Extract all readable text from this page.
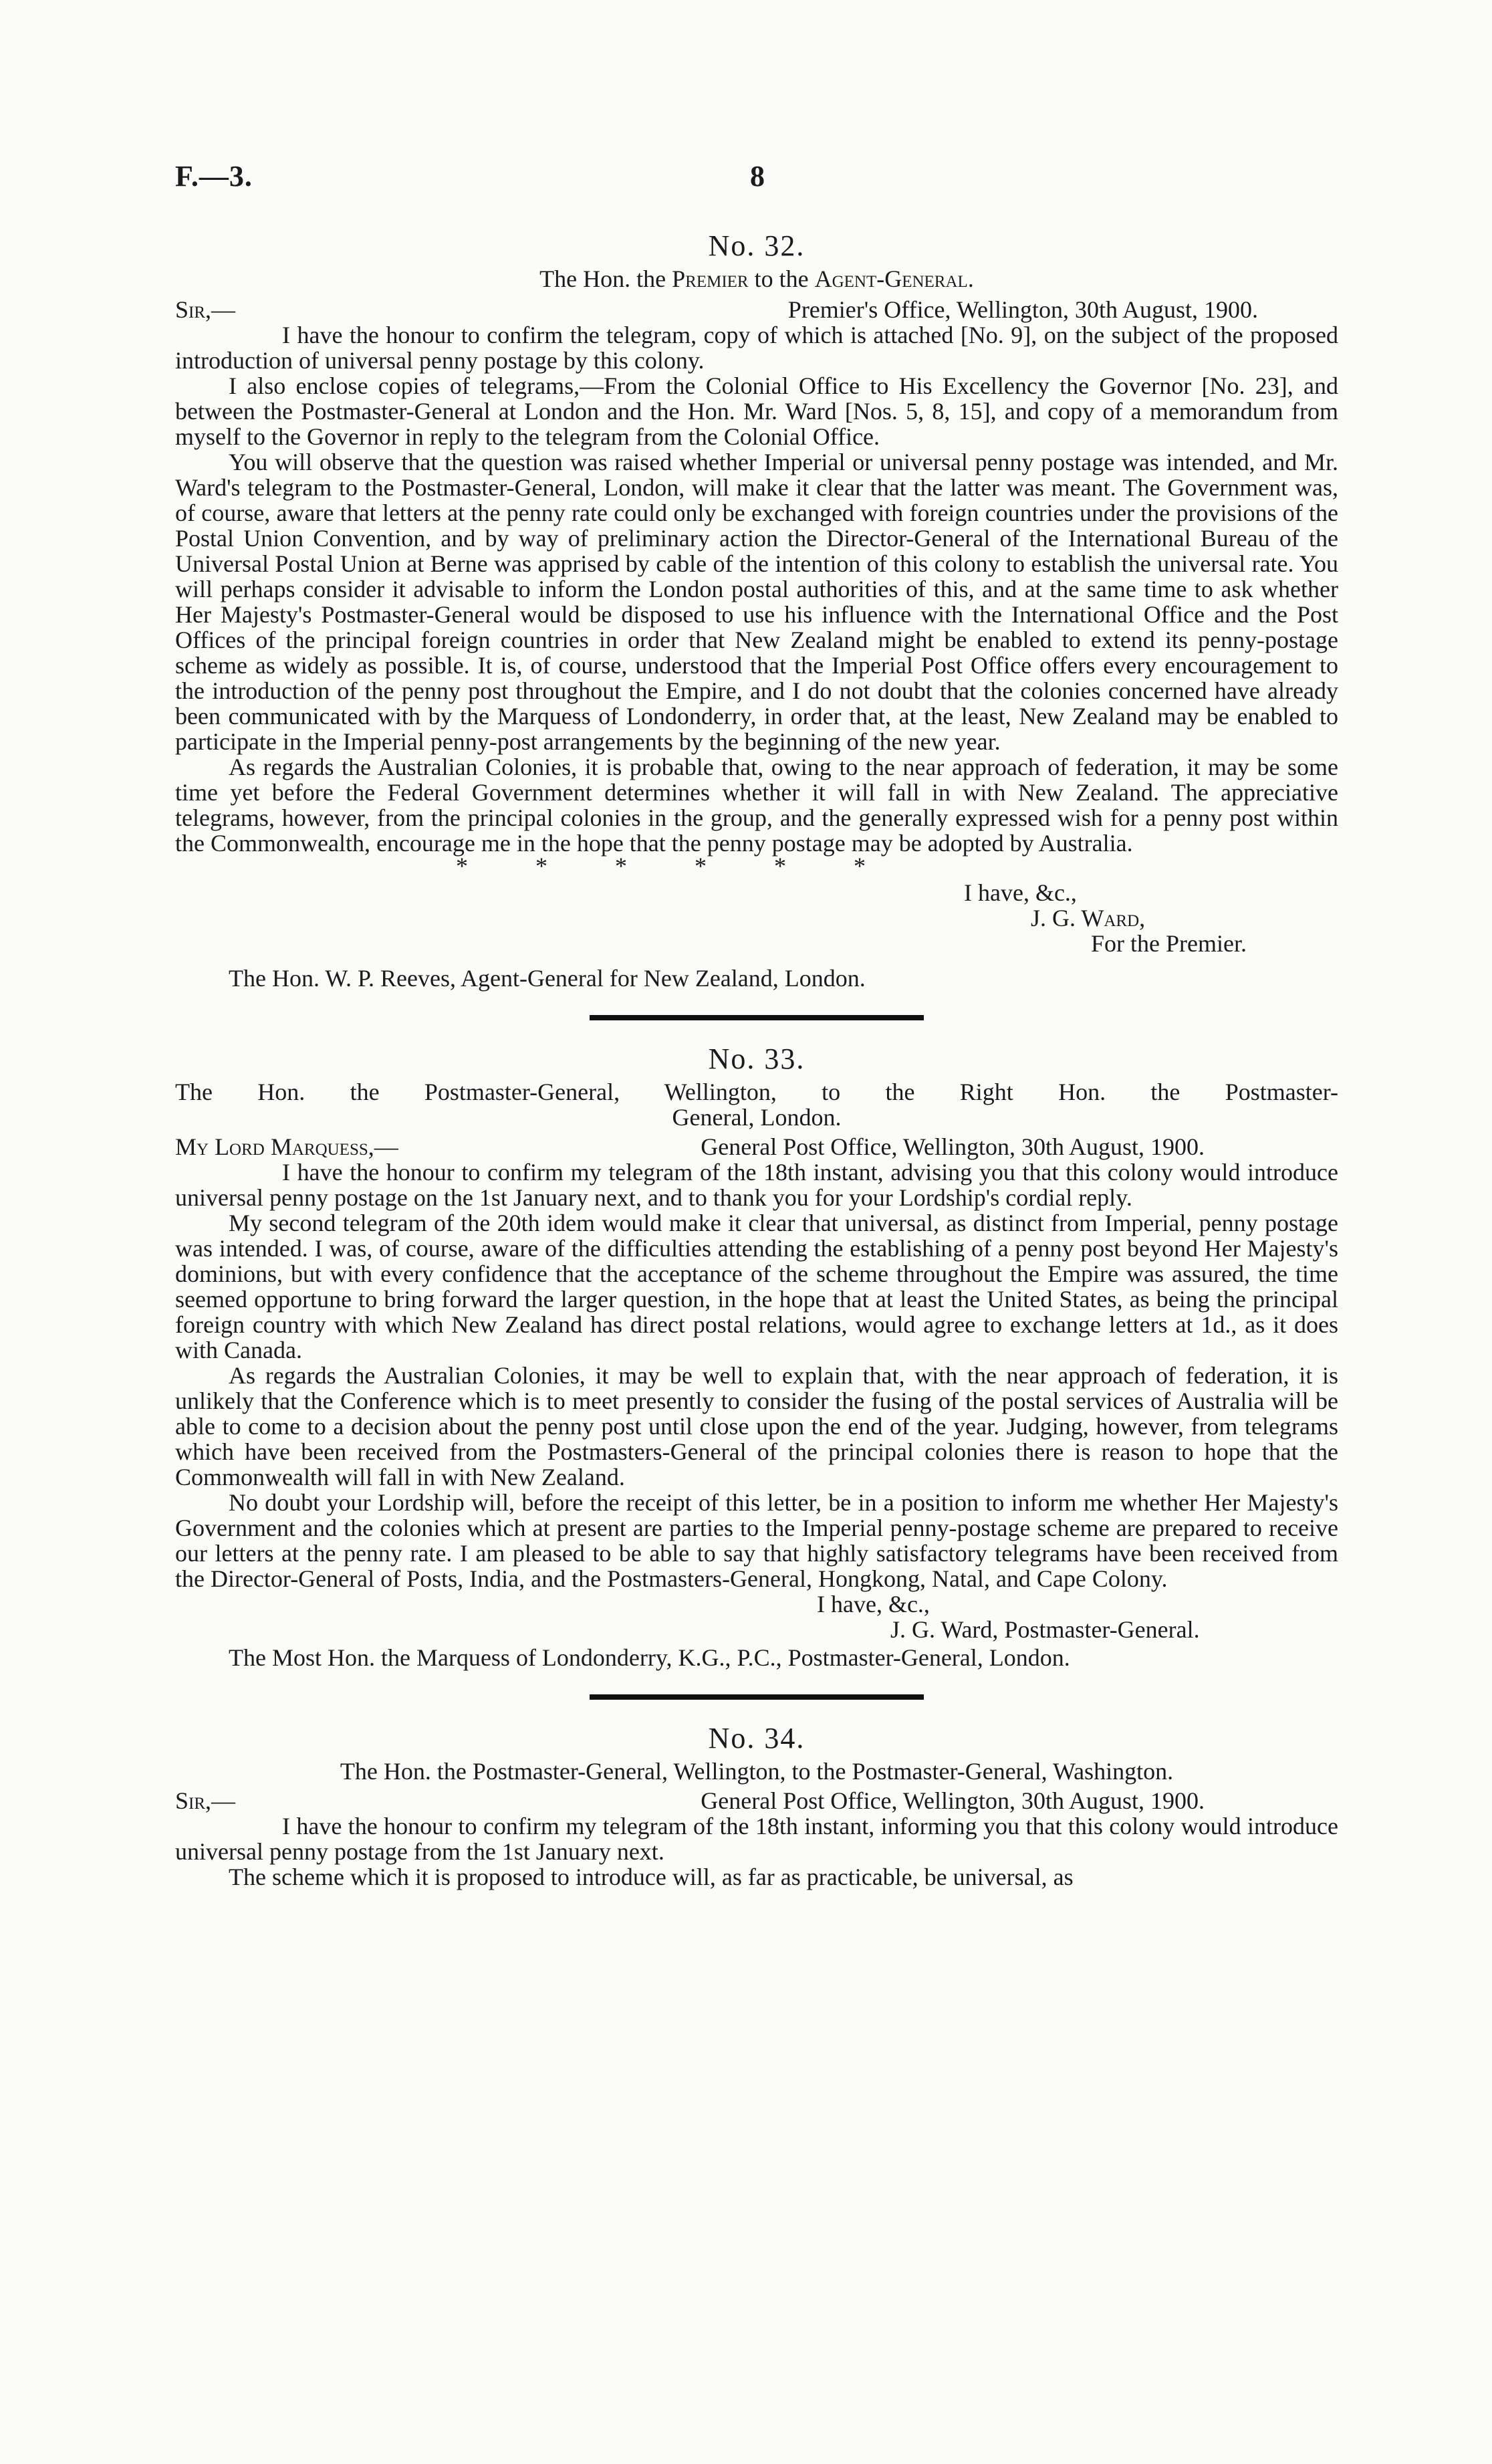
F.—3.	8
No. 32.
The Hon. the Premier to the Agent-General.
Sir,—	Premier's Office, Wellington, 30th August, 1900.

I have the honour to confirm the telegram, copy of which is attached [No. 9], on the subject of the proposed introduction of universal penny postage by this colony.

I also enclose copies of telegrams,—From the Colonial Office to His Excellency the Governor [No. 23], and between the Postmaster-General at London and the Hon. Mr. Ward [Nos. 5, 8, 15], and copy of a memorandum from myself to the Governor in reply to the telegram from the Colonial Office.

You will observe that the question was raised whether Imperial or universal penny postage was intended, and Mr. Ward's telegram to the Postmaster-General, London, will make it clear that the latter was meant. The Government was, of course, aware that letters at the penny rate could only be exchanged with foreign countries under the provisions of the Postal Union Convention, and by way of preliminary action the Director-General of the International Bureau of the Universal Postal Union at Berne was apprised by cable of the intention of this colony to establish the universal rate. You will perhaps consider it advisable to inform the London postal authorities of this, and at the same time to ask whether Her Majesty's Postmaster-General would be disposed to use his influence with the International Office and the Post Offices of the principal foreign countries in order that New Zealand might be enabled to extend its penny-postage scheme as widely as possible. It is, of course, understood that the Imperial Post Office offers every encouragement to the introduction of the penny post throughout the Empire, and I do not doubt that the colonies concerned have already been communicated with by the Marquess of Londonderry, in order that, at the least, New Zealand may be enabled to participate in the Imperial penny-post arrangements by the beginning of the new year.

As regards the Australian Colonies, it is probable that, owing to the near approach of federation, it may be some time yet before the Federal Government determines whether it will fall in with New Zealand. The appreciative telegrams, however, from the principal colonies in the group, and the generally expressed wish for a penny post within the Commonwealth, encourage me in the hope that the penny postage may be adopted by Australia.

* * * * * *

I have, &c.,
J. G. Ward,
For the Premier.
The Hon. W. P. Reeves, Agent-General for New Zealand, London.
No. 33.
The Hon. the Postmaster-General, Wellington, to the Right Hon. the Postmaster-
General, London.
My Lord Marquess,—	General Post Office, Wellington, 30th August, 1900.

I have the honour to confirm my telegram of the 18th instant, advising you that this colony would introduce universal penny postage on the 1st January next, and to thank you for your Lordship's cordial reply.

My second telegram of the 20th idem would make it clear that universal, as distinct from Imperial, penny postage was intended. I was, of course, aware of the difficulties attending the establishing of a penny post beyond Her Majesty's dominions, but with every confidence that the acceptance of the scheme throughout the Empire was assured, the time seemed opportune to bring forward the larger question, in the hope that at least the United States, as being the principal foreign country with which New Zealand has direct postal relations, would agree to exchange letters at 1d., as it does with Canada.

As regards the Australian Colonies, it may be well to explain that, with the near approach of federation, it is unlikely that the Conference which is to meet presently to consider the fusing of the postal services of Australia will be able to come to a decision about the penny post until close upon the end of the year. Judging, however, from telegrams which have been received from the Postmasters-General of the principal colonies there is reason to hope that the Commonwealth will fall in with New Zealand.

No doubt your Lordship will, before the receipt of this letter, be in a position to inform me whether Her Majesty's Government and the colonies which at present are parties to the Imperial penny-postage scheme are prepared to receive our letters at the penny rate. I am pleased to be able to say that highly satisfactory telegrams have been received from the Director-General of Posts, India, and the Postmasters-General, Hongkong, Natal, and Cape Colony.

I have, &c.,
J. G. Ward, Postmaster-General.
The Most Hon. the Marquess of Londonderry, K.G., P.C., Postmaster-General, London.
No. 34.
The Hon. the Postmaster-General, Wellington, to the Postmaster-General, Washington.
Sir,—	General Post Office, Wellington, 30th August, 1900.

I have the honour to confirm my telegram of the 18th instant, informing you that this colony would introduce universal penny postage from the 1st January next.

The scheme which it is proposed to introduce will, as far as practicable, be universal, as
